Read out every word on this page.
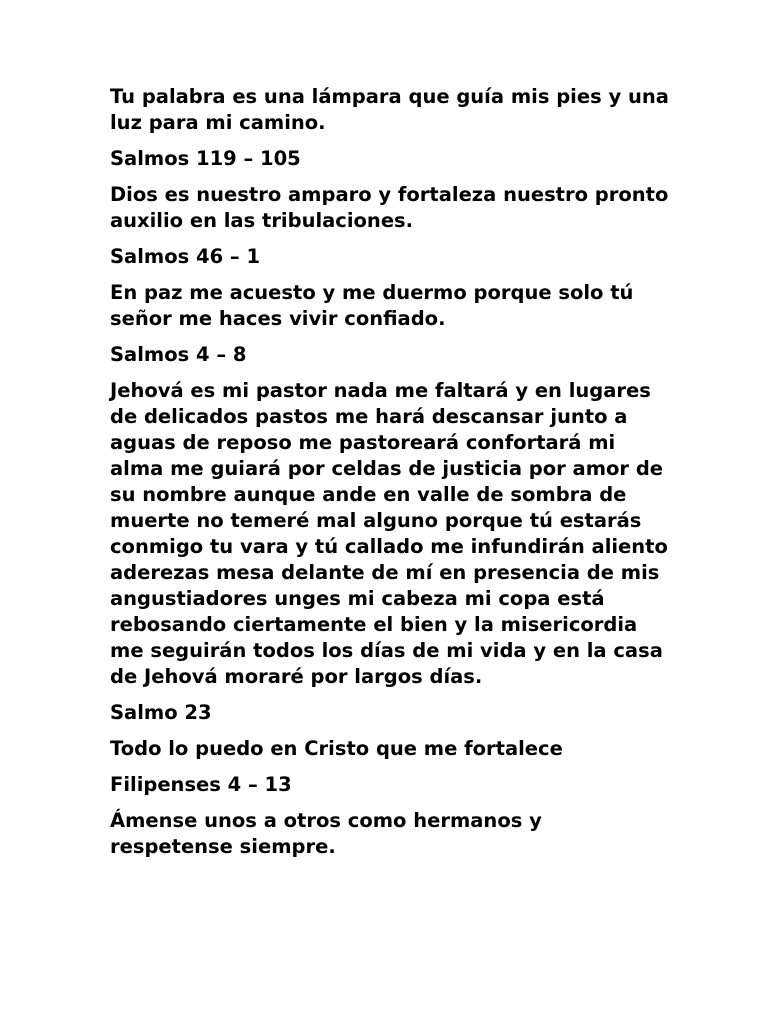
Tu palabra es una lámpara que guía mis pies y una luz para mi camino.

Salmos 119 – 105

Dios es nuestro amparo y fortaleza nuestro pronto auxilio en las tribulaciones.

Salmos 46 – 1

En paz me acuesto y me duermo porque solo tú señor me haces vivir confiado.

Salmos 4 – 8

Jehová es mi pastor nada me faltará y en lugares de delicados pastos me hará descansar junto a aguas de reposo me pastoreará confortará mi alma me guiará por celdas de justicia por amor de su nombre aunque ande en valle de sombra de muerte no temeré mal alguno porque tú estarás conmigo tu vara y tú callado me infundirán aliento aderezas mesa delante de mí en presencia de mis angustiadores unges mi cabeza mi copa está rebosando ciertamente el bien y la misericordia me seguirán todos los días de mi vida y en la casa de Jehová moraré por largos días.

Salmo 23

Todo lo puedo en Cristo que me fortalece

Filipenses 4 – 13

Ámense unos a otros como hermanos y respetense siempre.
